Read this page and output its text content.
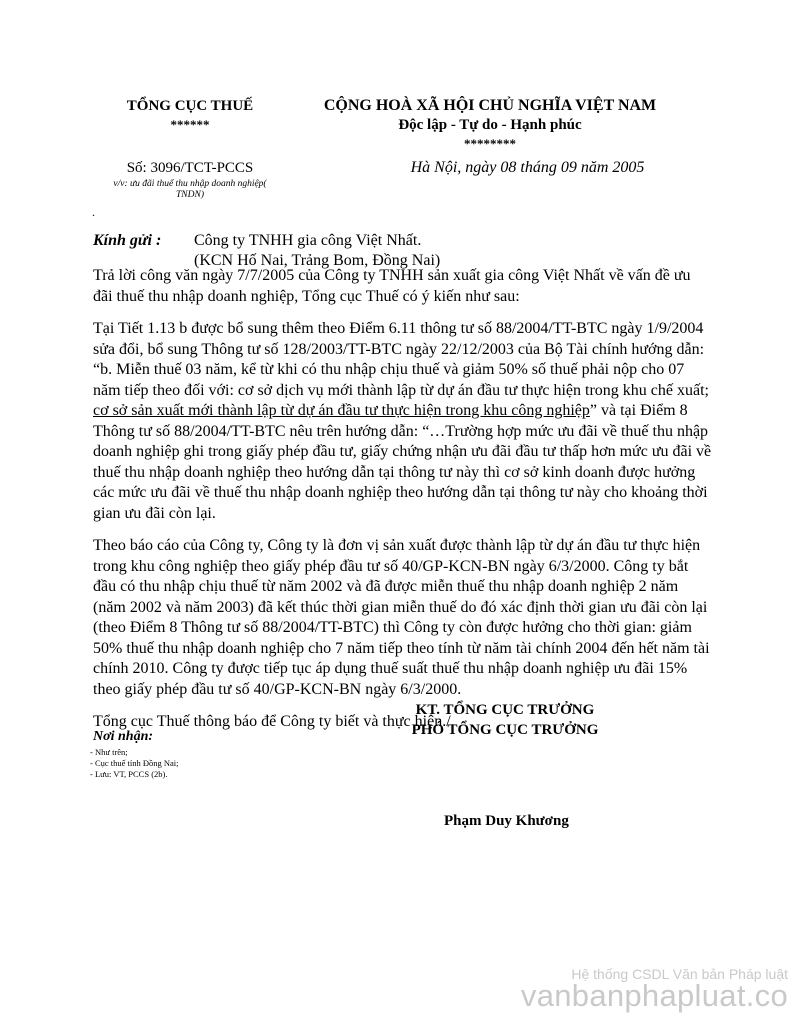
TỔNG CỤC THUẾ
******
CỘNG HOÀ XÃ HỘI CHỦ NGHĨA VIỆT NAM
Độc lập - Tự do - Hạnh phúc
********
Số: 3096/TCT-PCCS
v/v: ưu đãi thuế thu nhập doanh nghiệp(
TNDN)
.
Hà Nội, ngày 08 tháng 09 năm 2005
Kính gửi : Công ty TNHH gia công Việt Nhất.
(KCN Hố Nai, Trảng Bom, Đồng Nai)

Trả lời công văn ngày 7/7/2005 của Công ty TNHH sản xuất gia công Việt Nhất về vấn đề ưu đãi thuế thu nhập doanh nghiệp, Tổng cục Thuế có ý kiến như sau:

Tại Tiết 1.13 b được bổ sung thêm theo Điểm 6.11 thông tư số 88/2004/TT-BTC ngày 1/9/2004 sửa đổi, bổ sung Thông tư số 128/2003/TT-BTC ngày 22/12/2003 của Bộ Tài chính hướng dẫn: “b. Miễn thuế 03 năm, kể từ khi có thu nhập chịu thuế và giảm 50% số thuế phải nộp cho 07 năm tiếp theo đối với: cơ sở dịch vụ mới thành lập từ dự án đầu tư thực hiện trong khu chế xuất; cơ sở sản xuất mới thành lập từ dự án đầu tư thực hiện trong khu công nghiệp” và tại Điểm 8 Thông tư số 88/2004/TT-BTC nêu trên hướng dẫn: “…Trường hợp mức ưu đãi về thuế thu nhập doanh nghiệp ghi trong giấy phép đầu tư, giấy chứng nhận ưu đãi đầu tư thấp hơn mức ưu đãi về thuế thu nhập doanh nghiệp theo hướng dẫn tại thông tư này thì cơ sở kinh doanh được hưởng các mức ưu đãi về thuế thu nhập doanh nghiệp theo hướng dẫn tại thông tư này cho khoảng thời gian ưu đãi còn lại.

Theo báo cáo của Công ty, Công ty là đơn vị sản xuất được thành lập từ dự án đầu tư thực hiện trong khu công nghiệp theo giấy phép đầu tư số 40/GP-KCN-BN ngày 6/3/2000. Công ty bắt đầu có thu nhập chịu thuế từ năm 2002 và đã được miễn thuế thu nhập doanh nghiệp 2 năm (năm 2002 và năm 2003) đã kết thúc thời gian miễn thuế do đó xác định thời gian ưu đãi còn lại (theo Điểm 8 Thông tư số 88/2004/TT-BTC) thì Công ty còn được hưởng cho thời gian: giảm 50% thuế thu nhập doanh nghiệp cho 7 năm tiếp theo tính từ năm tài chính 2004 đến hết năm tài chính 2010. Công ty được tiếp tục áp dụng thuế suất thuế thu nhập doanh nghiệp ưu đãi 15% theo giấy phép đầu tư số 40/GP-KCN-BN ngày 6/3/2000.

Tổng cục Thuế thông báo để Công ty biết và thực hiện./.

KT. TỔNG CỤC TRƯỞNG
PHÓ TỔNG CỤC TRƯỞNG
Phạm Duy Khương
Nơi nhận:
- Như trên;
- Cục thuế tỉnh Đồng Nai;
- Lưu: VT, PCCS (2b).
Hệ thống CSDL Văn bản Pháp luật
vanbanphapluat.co
